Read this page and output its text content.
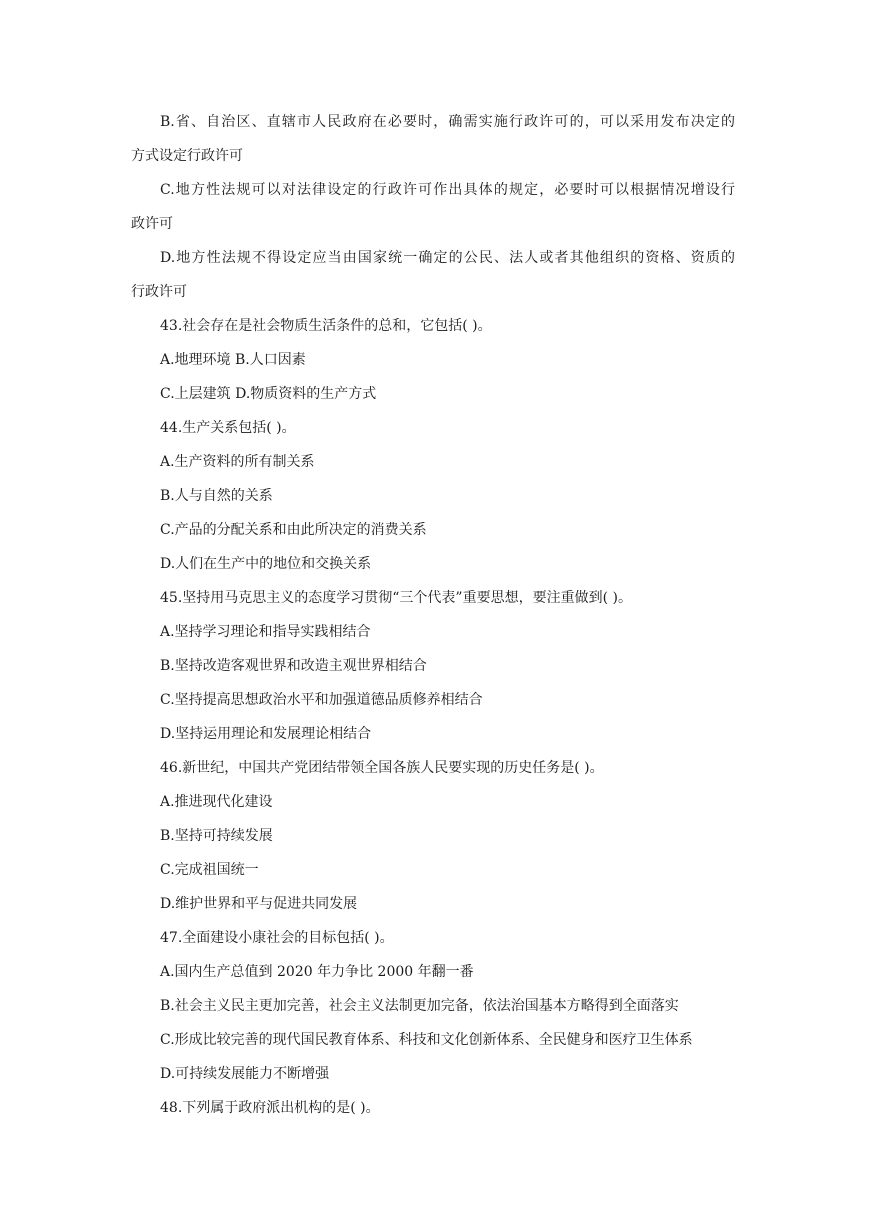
B.省、自治区、直辖市人民政府在必要时，确需实施行政许可的，可以采用发布决定的
方式设定行政许可
C.地方性法规可以对法律设定的行政许可作出具体的规定，必要时可以根据情况增设行
政许可
D.地方性法规不得设定应当由国家统一确定的公民、法人或者其他组织的资格、资质的
行政许可
43.社会存在是社会物质生活条件的总和，它包括( )。
A.地理环境 B.人口因素
C.上层建筑 D.物质资料的生产方式
44.生产关系包括( )。
A.生产资料的所有制关系
B.人与自然的关系
C.产品的分配关系和由此所决定的消费关系
D.人们在生产中的地位和交换关系
45.坚持用马克思主义的态度学习贯彻“三个代表”重要思想，要注重做到( )。
A.坚持学习理论和指导实践相结合
B.坚持改造客观世界和改造主观世界相结合
C.坚持提高思想政治水平和加强道德品质修养相结合
D.坚持运用理论和发展理论相结合
46.新世纪，中国共产党团结带领全国各族人民要实现的历史任务是( )。
A.推进现代化建设
B.坚持可持续发展
C.完成祖国统一
D.维护世界和平与促进共同发展
47.全面建设小康社会的目标包括( )。
A.国内生产总值到 2020 年力争比 2000 年翻一番
B.社会主义民主更加完善，社会主义法制更加完备，依法治国基本方略得到全面落实
C.形成比较完善的现代国民教育体系、科技和文化创新体系、全民健身和医疗卫生体系
D.可持续发展能力不断增强
48.下列属于政府派出机构的是( )。
